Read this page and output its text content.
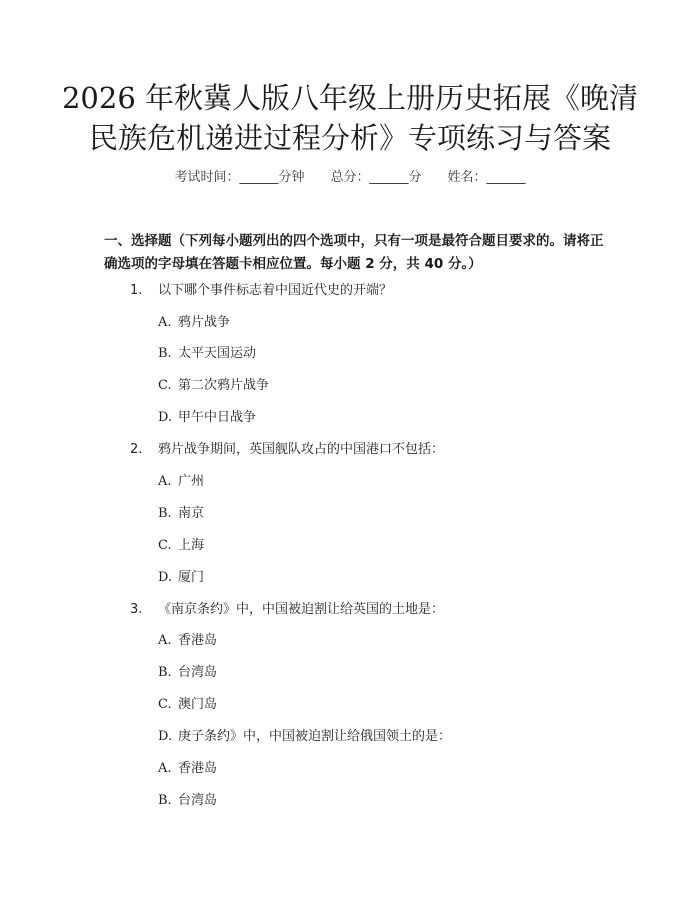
2026 年秋冀人版八年级上册历史拓展《晚清
民族危机递进过程分析》专项练习与答案
考试时间：______分钟 总分：______分 姓名：______
一、选择题（下列每小题列出的四个选项中，只有一项是最符合题目要求的。请将正确选项的字母填在答题卡相应位置。每小题 2 分，共 40 分。）
1. 以下哪个事件标志着中国近代史的开端？
A. 鸦片战争
B. 太平天国运动
C. 第二次鸦片战争
D. 甲午中日战争
2. 鸦片战争期间，英国舰队攻占的中国港口不包括：
A. 广州
B. 南京
C. 上海
D. 厦门
3. 《南京条约》中，中国被迫割让给英国的土地是：
A. 香港岛
B. 台湾岛
C. 澳门岛
D. 庚子条约》中，中国被迫割让给俄国领土的是：
A. 香港岛
B. 台湾岛
